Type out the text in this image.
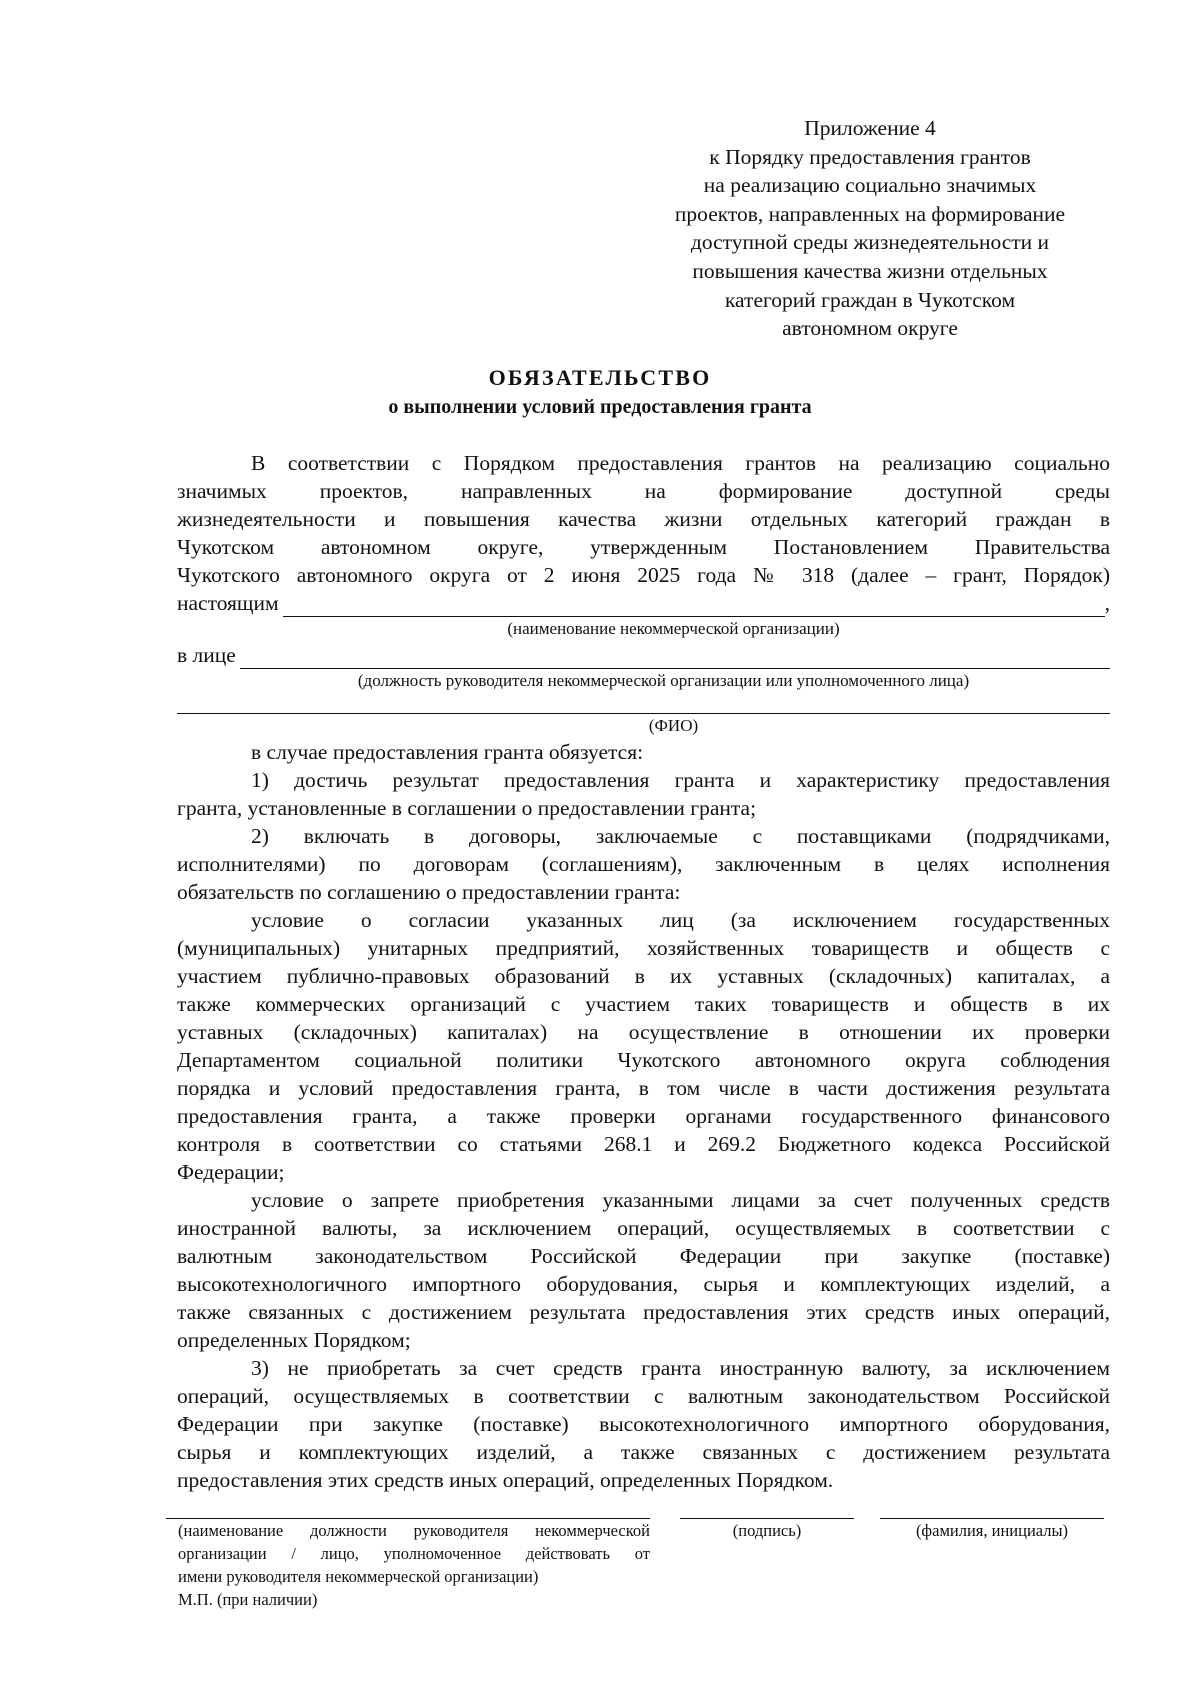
Приложение 4
к Порядку предоставления грантов
на реализацию социально значимых
проектов, направленных на формирование
доступной среды жизнедеятельности и
повышения качества жизни отдельных
категорий граждан в Чукотском
автономном округе
ОБЯЗАТЕЛЬСТВО
о выполнении условий предоставления гранта
В соответствии с Порядком предоставления грантов на реализацию социально
значимых проектов, направленных на формирование доступной среды
жизнедеятельности и повышения качества жизни отдельных категорий граждан в
Чукотском автономном округе, утвержденным Постановлением Правительства
Чукотского автономного округа от 2 июня 2025 года № 318 (далее – грант, Порядок)
настоящим	,
(наименование некоммерческой организации)
в лице
(должность руководителя некоммерческой организации или уполномоченного лица)
(ФИО)
в случае предоставления гранта обязуется:
1) достичь результат предоставления гранта и характеристику предоставления
гранта, установленные в соглашении о предоставлении гранта;
2) включать в договоры, заключаемые с поставщиками (подрядчиками,
исполнителями) по договорам (соглашениям), заключенным в целях исполнения
обязательств по соглашению о предоставлении гранта:
условие о согласии указанных лиц (за исключением государственных
(муниципальных) унитарных предприятий, хозяйственных товариществ и обществ с
участием публично-правовых образований в их уставных (складочных) капиталах, а
также коммерческих организаций с участием таких товариществ и обществ в их
уставных (складочных) капиталах) на осуществление в отношении их проверки
Департаментом социальной политики Чукотского автономного округа соблюдения
порядка и условий предоставления гранта, в том числе в части достижения результата
предоставления гранта, а также проверки органами государственного финансового
контроля в соответствии со статьями 268.1 и 269.2 Бюджетного кодекса Российской
Федерации;
условие о запрете приобретения указанными лицами за счет полученных средств
иностранной валюты, за исключением операций, осуществляемых в соответствии с
валютным законодательством Российской Федерации при закупке (поставке)
высокотехнологичного импортного оборудования, сырья и комплектующих изделий, а
также связанных с достижением результата предоставления этих средств иных операций,
определенных Порядком;
3) не приобретать за счет средств гранта иностранную валюту, за исключением
операций, осуществляемых в соответствии с валютным законодательством Российской
Федерации при закупке (поставке) высокотехнологичного импортного оборудования,
сырья и комплектующих изделий, а также связанных с достижением результата
предоставления этих средств иных операций, определенных Порядком.
(наименование должности руководителя некоммерческой
организации / лицо, уполномоченное действовать от
имени руководителя некоммерческой организации)
М.П. (при наличии)
(подпись)	(фамилия, инициалы)
